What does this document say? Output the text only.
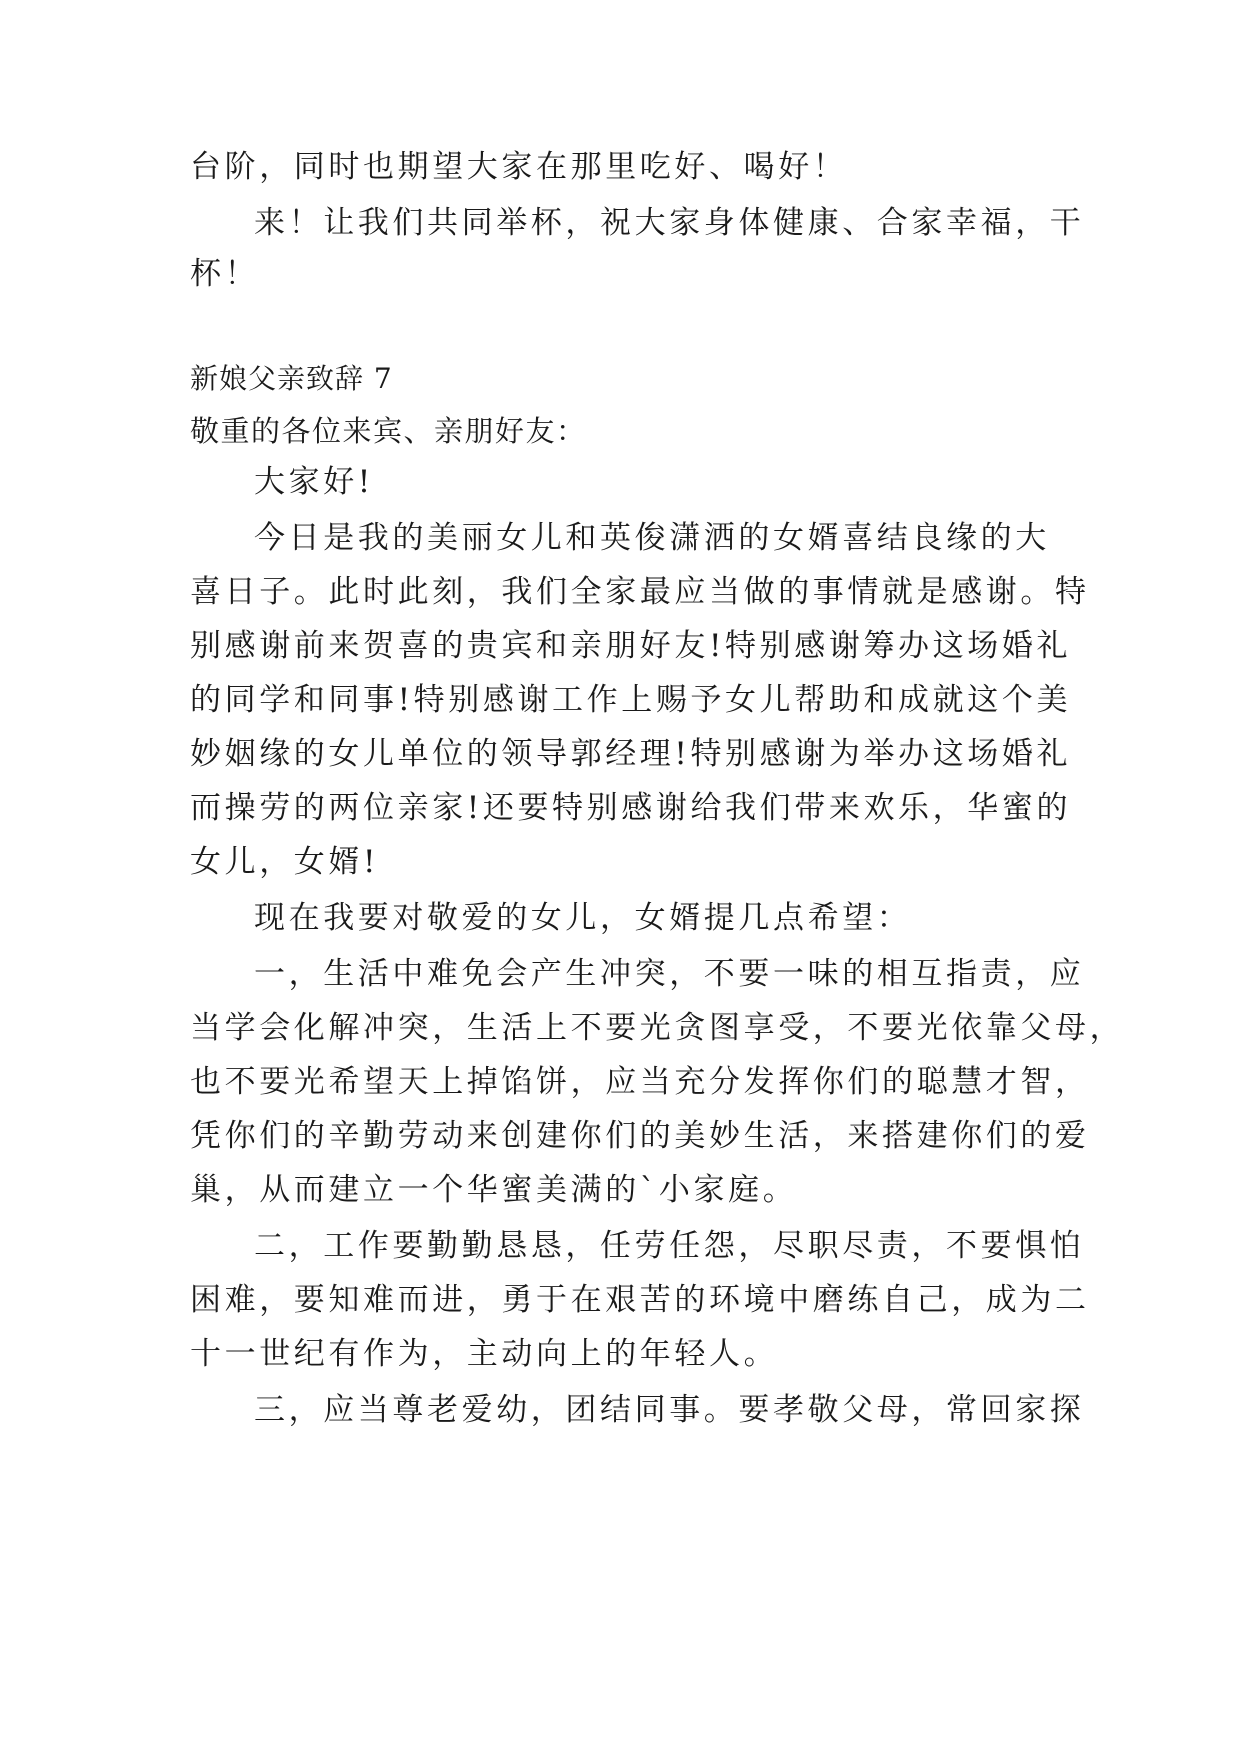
台阶，同时也期望大家在那里吃好、喝好！
来！让我们共同举杯，祝大家身体健康、合家幸福，干
杯！
新娘父亲致辞 7
敬重的各位来宾、亲朋好友：
大家好!
今日是我的美丽女儿和英俊潇洒的女婿喜结良缘的大
喜日子。此时此刻，我们全家最应当做的事情就是感谢。特
别感谢前来贺喜的贵宾和亲朋好友!特别感谢筹办这场婚礼
的同学和同事!特别感谢工作上赐予女儿帮助和成就这个美
妙姻缘的女儿单位的领导郭经理!特别感谢为举办这场婚礼
而操劳的两位亲家!还要特别感谢给我们带来欢乐，华蜜的
女儿，女婿!
现在我要对敬爱的女儿，女婿提几点希望：
一，生活中难免会产生冲突，不要一味的相互指责，应
当学会化解冲突，生活上不要光贪图享受，不要光依靠父母，
也不要光希望天上掉馅饼，应当充分发挥你们的聪慧才智，
凭你们的辛勤劳动来创建你们的美妙生活，来搭建你们的爱
巢，从而建立一个华蜜美满的`小家庭。
二，工作要勤勤恳恳，任劳任怨，尽职尽责，不要惧怕
困难，要知难而进，勇于在艰苦的环境中磨练自己，成为二
十一世纪有作为，主动向上的年轻人。
三，应当尊老爱幼，团结同事。要孝敬父母，常回家探
